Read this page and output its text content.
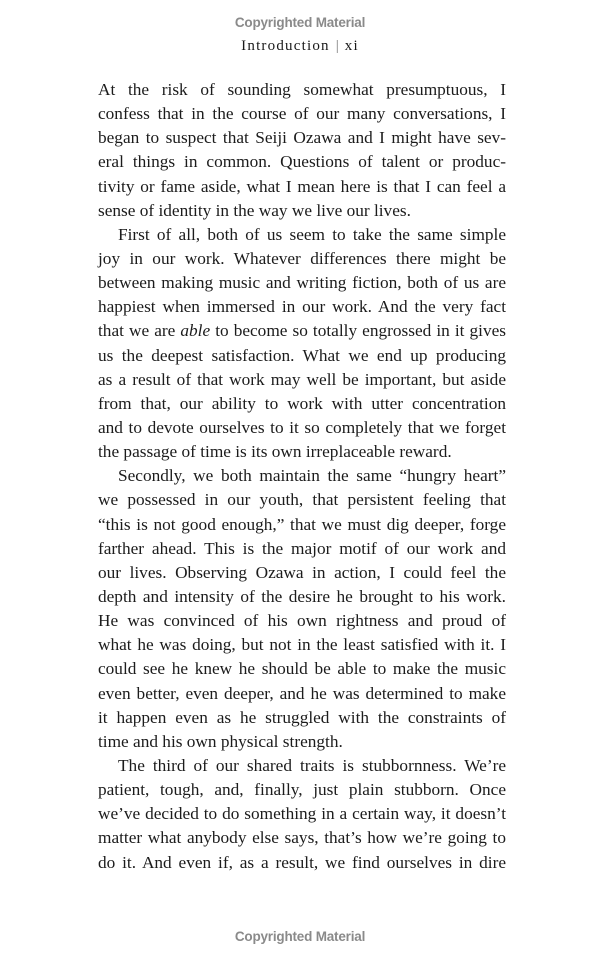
Copyrighted Material
Introduction | xi
At the risk of sounding somewhat presumptuous, I
confess that in the course of our many conversations, I
began to suspect that Seiji Ozawa and I might have sev-
eral things in common. Questions of talent or produc-
tivity or fame aside, what I mean here is that I can feel a
sense of identity in the way we live our lives.
First of all, both of us seem to take the same simple
joy in our work. Whatever differences there might be
between making music and writing fiction, both of us are
happiest when immersed in our work. And the very fact
that we are able to become so totally engrossed in it gives
us the deepest satisfaction. What we end up producing
as a result of that work may well be important, but aside
from that, our ability to work with utter concentration
and to devote ourselves to it so completely that we forget
the passage of time is its own irreplaceable reward.
Secondly, we both maintain the same “hungry heart”
we possessed in our youth, that persistent feeling that
“this is not good enough,” that we must dig deeper, forge
farther ahead. This is the major motif of our work and
our lives. Observing Ozawa in action, I could feel the
depth and intensity of the desire he brought to his work.
He was convinced of his own rightness and proud of
what he was doing, but not in the least satisfied with it. I
could see he knew he should be able to make the music
even better, even deeper, and he was determined to make
it happen even as he struggled with the constraints of
time and his own physical strength.
The third of our shared traits is stubbornness. We’re
patient, tough, and, finally, just plain stubborn. Once
we’ve decided to do something in a certain way, it doesn’t
matter what anybody else says, that’s how we’re going to
do it. And even if, as a result, we find ourselves in dire
Copyrighted Material
